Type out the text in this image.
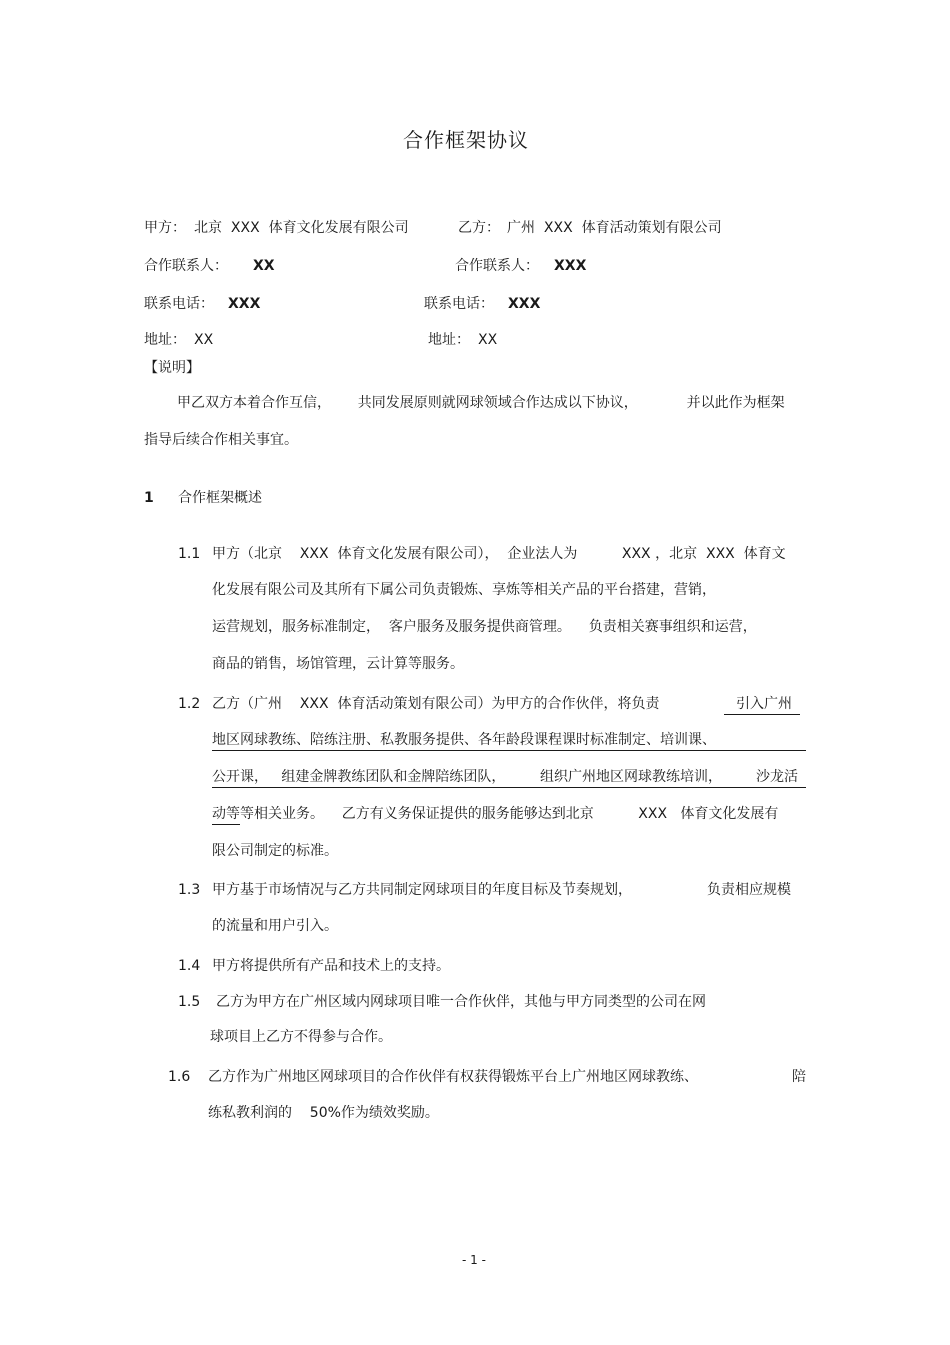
合作框架协议
甲方： 北京  XXX  体育文化发展有限公司	乙方： 广州  XXX  体育活动策划有限公司
合作联系人： XX	合作联系人： XXX
联系电话： XXX	联系电话： XXX
地址： XX	地址： XX
【说明】
甲乙双方本着合作互信，      共同发展原则就网球领域合作达成以下协议，           并以此作为框架
指导后续合作相关事宜。
1 合作框架概述
1.1 甲方（北京    XXX  体育文化发展有限公司），  企业法人为          XXX ，北京  XXX  体育文
化发展有限公司及其所有下属公司负责锻炼、享炼等相关产品的平台搭建，营销，
运营规划，服务标准制定，  客户服务及服务提供商管理。    负责相关赛事组织和运营，
商品的销售，场馆管理，云计算等服务。
1.2 乙方（广州    XXX  体育活动策划有限公司）为甲方的合作伙伴，将负责	引入广州
地区网球教练、陪练注册、私教服务提供、各年龄段课程课时标准制定、培训课、
公开课，   组建金牌教练团队和金牌陪练团队， 组织广州地区网球教练培训， 沙龙活
动等 等相关业务。    乙方有义务保证提供的服务能够达到北京          XXX   体育文化发展有
限公司制定的标准。
1.3 甲方基于市场情况与乙方共同制定网球项目的年度目标及节奏规划，	负责相应规模
的流量和用户引入。
1.4 甲方将提供所有产品和技术上的支持。
1.5 乙方为甲方在广州区域内网球项目唯一合作伙伴，其他与甲方同类型的公司在网
球项目上乙方不得参与合作。
1.6 乙方作为广州地区网球项目的合作伙伴有权获得锻炼平台上广州地区网球教练、	陪
练私教利润的    50%作为绩效奖励。
- 1 -
